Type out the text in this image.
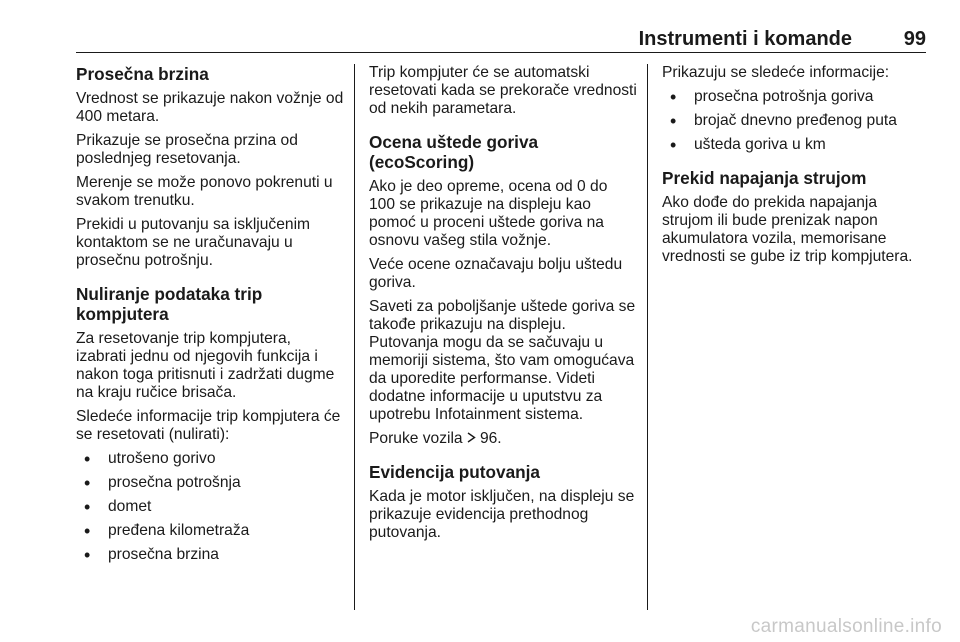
Instrumenti i komande	99
Prosečna brzina

Vrednost se prikazuje nakon vožnje od 400 metara.

Prikazuje se prosečna przina od poslednjeg resetovanja.

Merenje se može ponovo pokrenuti u svakom trenutku.

Prekidi u putovanju sa isključenim kontaktom se ne uračunavaju u prosečnu potrošnju.

Nuliranje podataka trip kompjutera

Za resetovanje trip kompjutera, izabrati jednu od njegovih funkcija i nakon toga pritisnuti i zadržati dugme na kraju ručice brisača.

Sledeće informacije trip kompjutera će se resetovati (nulirati):

• utrošeno gorivo
• prosečna potrošnja
• domet
• pređena kilometraža
• prosečna brzina

Trip kompjuter će se automatski resetovati kada se prekorače vrednosti od nekih parametara.

Ocena uštede goriva (ecoScoring)

Ako je deo opreme, ocena od 0 do 100 se prikazuje na displeju kao pomoć u proceni uštede goriva na osnovu vašeg stila vožnje.

Veće ocene označavaju bolju uštedu goriva.

Saveti za poboljšanje uštede goriva se takođe prikazuju na displeju. Putovanja mogu da se sačuvaju u memoriji sistema, što vam omogućava da uporedite performanse. Videti dodatne informacije u uputstvu za upotrebu Infotainment sistema.

Poruke vozila 96.

Evidencija putovanja

Kada je motor isključen, na displeju se prikazuje evidencija prethodnog putovanja.

Prikazuju se sledeće informacije:

• prosečna potrošnja goriva
• brojač dnevno pređenog puta
• ušteda goriva u km
Prekid napajanja strujom

Ako dođe do prekida napajanja strujom ili bude prenizak napon akumulatora vozila, memorisane vrednosti se gube iz trip kompjutera.

carmanualsonline.info
